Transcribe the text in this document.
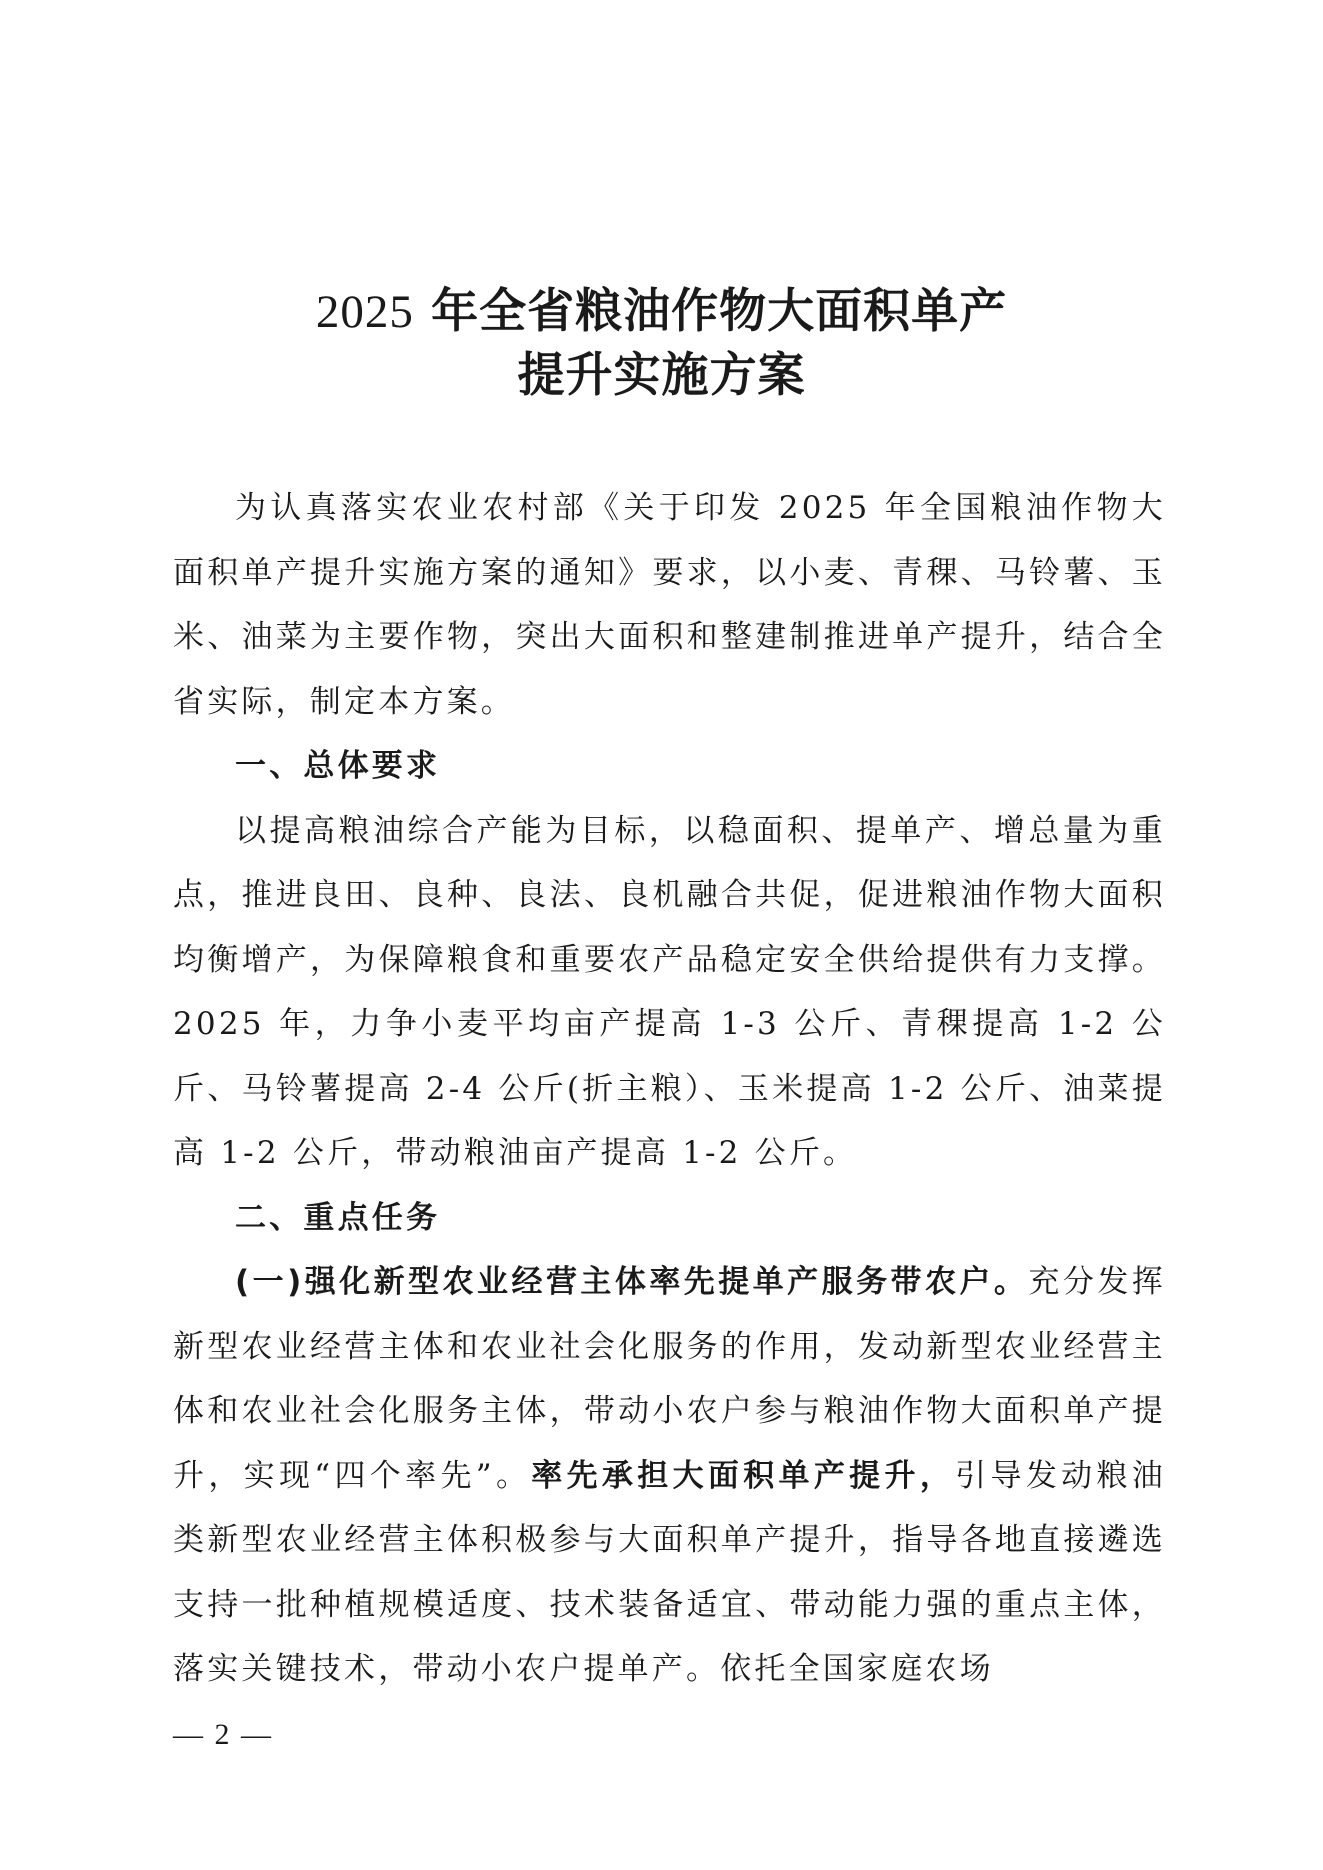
2025 年全省粮油作物大面积单产
提升实施方案

为认真落实农业农村部《关于印发 2025 年全国粮油作物大面积单产提升实施方案的通知》要求，以小麦、青稞、马铃薯、玉米、油菜为主要作物，突出大面积和整建制推进单产提升，结合全省实际，制定本方案。

一、总体要求

以提高粮油综合产能为目标，以稳面积、提单产、增总量为重点，推进良田、良种、良法、良机融合共促，促进粮油作物大面积均衡增产，为保障粮食和重要农产品稳定安全供给提供有力支撑。2025 年，力争小麦平均亩产提高 1-3 公斤、青稞提高 1-2 公斤、马铃薯提高 2-4 公斤(折主粮）、玉米提高 1-2 公斤、油菜提高 1-2 公斤，带动粮油亩产提高 1-2 公斤。

二、重点任务

(一)强化新型农业经营主体率先提单产服务带农户。充分发挥新型农业经营主体和农业社会化服务的作用，发动新型农业经营主体和农业社会化服务主体，带动小农户参与粮油作物大面积单产提升，实现“四个率先”。率先承担大面积单产提升，引导发动粮油类新型农业经营主体积极参与大面积单产提升，指导各地直接遴选支持一批种植规模适度、技术装备适宜、带动能力强的重点主体，落实关键技术，带动小农户提单产。依托全国家庭农场

— 2 —
